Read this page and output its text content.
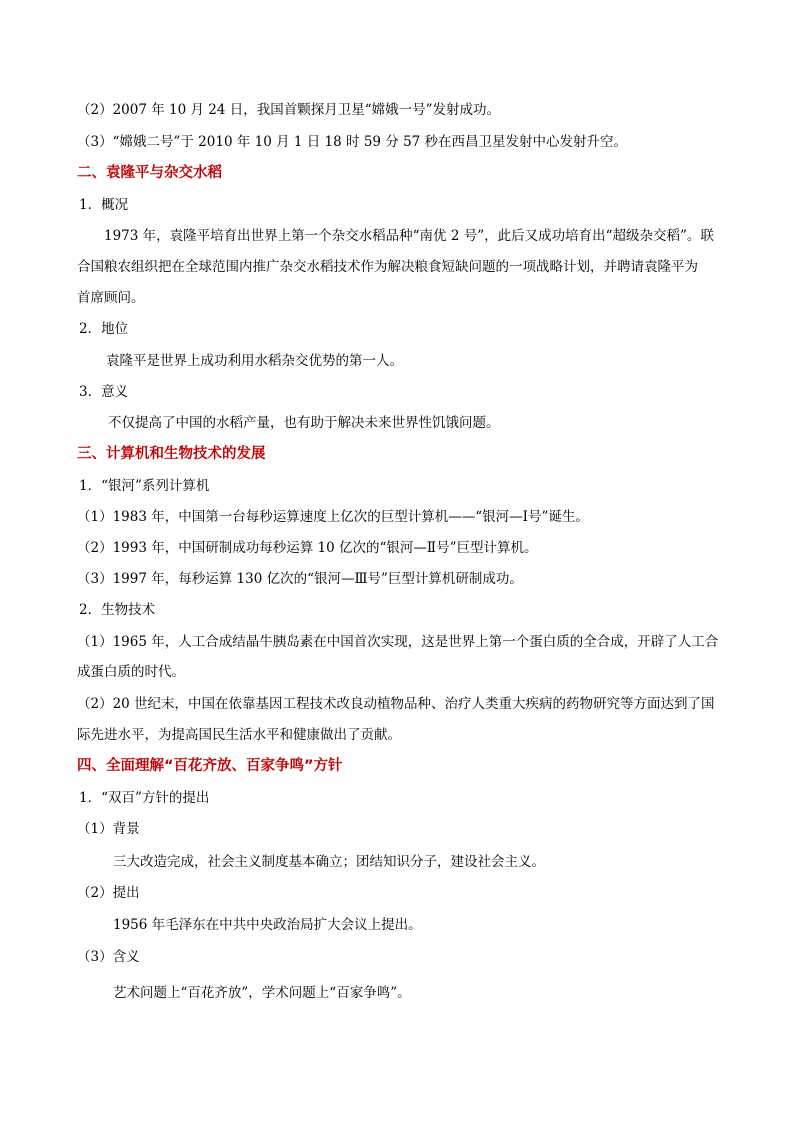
（2）2007 年 10 月 24 日，我国首颗探月卫星“嫦娥一号”发射成功。
（3）“嫦娥二号”于 2010 年 10 月 1 日 18 时 59 分 57 秒在西昌卫星发射中心发射升空。
二、袁隆平与杂交水稻
1．概况
1973 年，袁隆平培育出世界上第一个杂交水稻品种“南优 2 号”，此后又成功培育出“超级杂交稻”。联
合国粮农组织把在全球范围内推广杂交水稻技术作为解决粮食短缺问题的一项战略计划，并聘请袁隆平为
首席顾问。
2．地位
袁隆平是世界上成功利用水稻杂交优势的第一人。
3．意义
不仅提高了中国的水稻产量，也有助于解决未来世界性饥饿问题。
三、计算机和生物技术的发展
1．“银河”系列计算机
（1）1983 年，中国第一台每秒运算速度上亿次的巨型计算机——“银河—Ⅰ号”诞生。
（2）1993 年，中国研制成功每秒运算 10 亿次的“银河—Ⅱ号”巨型计算机。
（3）1997 年，每秒运算 130 亿次的“银河—Ⅲ号”巨型计算机研制成功。
2．生物技术
（1）1965 年，人工合成结晶牛胰岛素在中国首次实现，这是世界上第一个蛋白质的全合成，开辟了人工合
成蛋白质的时代。
（2）20 世纪末，中国在依靠基因工程技术改良动植物品种、治疗人类重大疾病的药物研究等方面达到了国
际先进水平，为提高国民生活水平和健康做出了贡献。
四、全面理解“百花齐放、百家争鸣”方针
1．“双百”方针的提出
（1）背景
三大改造完成，社会主义制度基本确立；团结知识分子，建设社会主义。
（2）提出
1956 年毛泽东在中共中央政治局扩大会议上提出。
（3）含义
艺术问题上“百花齐放”，学术问题上“百家争鸣”。
